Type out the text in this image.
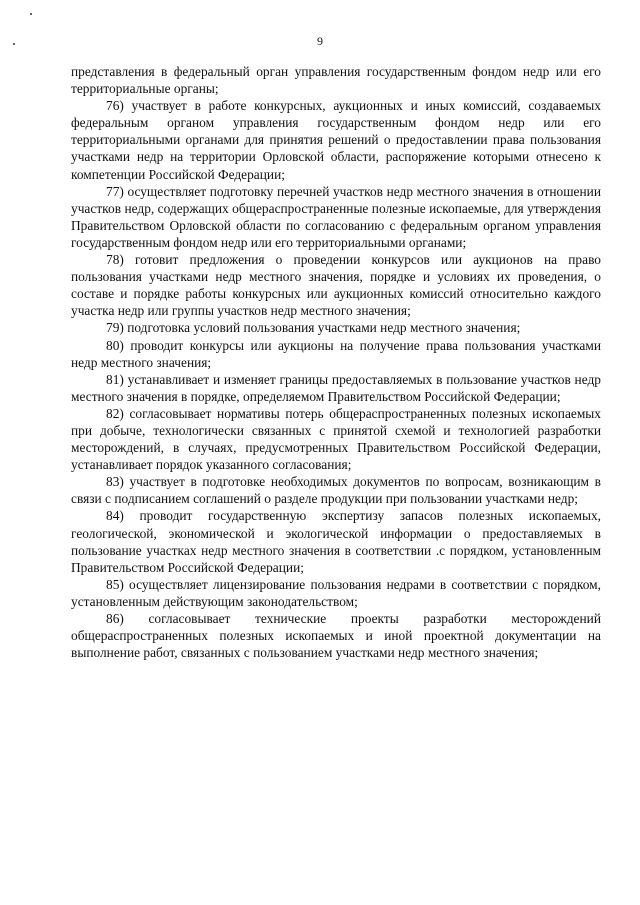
9

представления в федеральный орган управления государственным фондом недр или его территориальные органы;

76) участвует в работе конкурсных, аукционных и иных комиссий, создаваемых федеральным органом управления государственным фондом недр или его территориальными органами для принятия решений о предоставлении права пользования участками недр на территории Орловской области, распоряжение которыми отнесено к компетенции Российской Федерации;

77) осуществляет подготовку перечней участков недр местного значения в отношении участков недр, содержащих общераспространенные полезные ископаемые, для утверждения Правительством Орловской области по согласованию с федеральным органом управления государственным фондом недр или его территориальными органами;

78) готовит предложения о проведении конкурсов или аукционов на право пользования участками недр местного значения, порядке и условиях их проведения, о составе и порядке работы конкурсных или аукционных комиссий относительно каждого участка недр или группы участков недр местного значения;

79) подготовка условий пользования участками недр местного значения;

80) проводит конкурсы или аукционы на получение права пользования участками недр местного значения;

81) устанавливает и изменяет границы предоставляемых в пользование участков недр местного значения в порядке, определяемом Правительством Российской Федерации;

82) согласовывает нормативы потерь общераспространенных полезных ископаемых при добыче, технологически связанных с принятой схемой и технологией разработки месторождений, в случаях, предусмотренных Правительством Российской Федерации, устанавливает порядок указанного согласования;

83) участвует в подготовке необходимых документов по вопросам, возникающим в связи с подписанием соглашений о разделе продукции при пользовании участками недр;

84) проводит государственную экспертизу запасов полезных ископаемых, геологической, экономической и экологической информации о предоставляемых в пользование участках недр местного значения в соответствии .с порядком, установленным Правительством Российской Федерации;

85) осуществляет лицензирование пользования недрами в соответствии с порядком, установленным действующим законодательством;

86) согласовывает технические проекты разработки месторождений общераспространенных полезных ископаемых и иной проектной документации на выполнение работ, связанных с пользованием участками недр местного значения;
